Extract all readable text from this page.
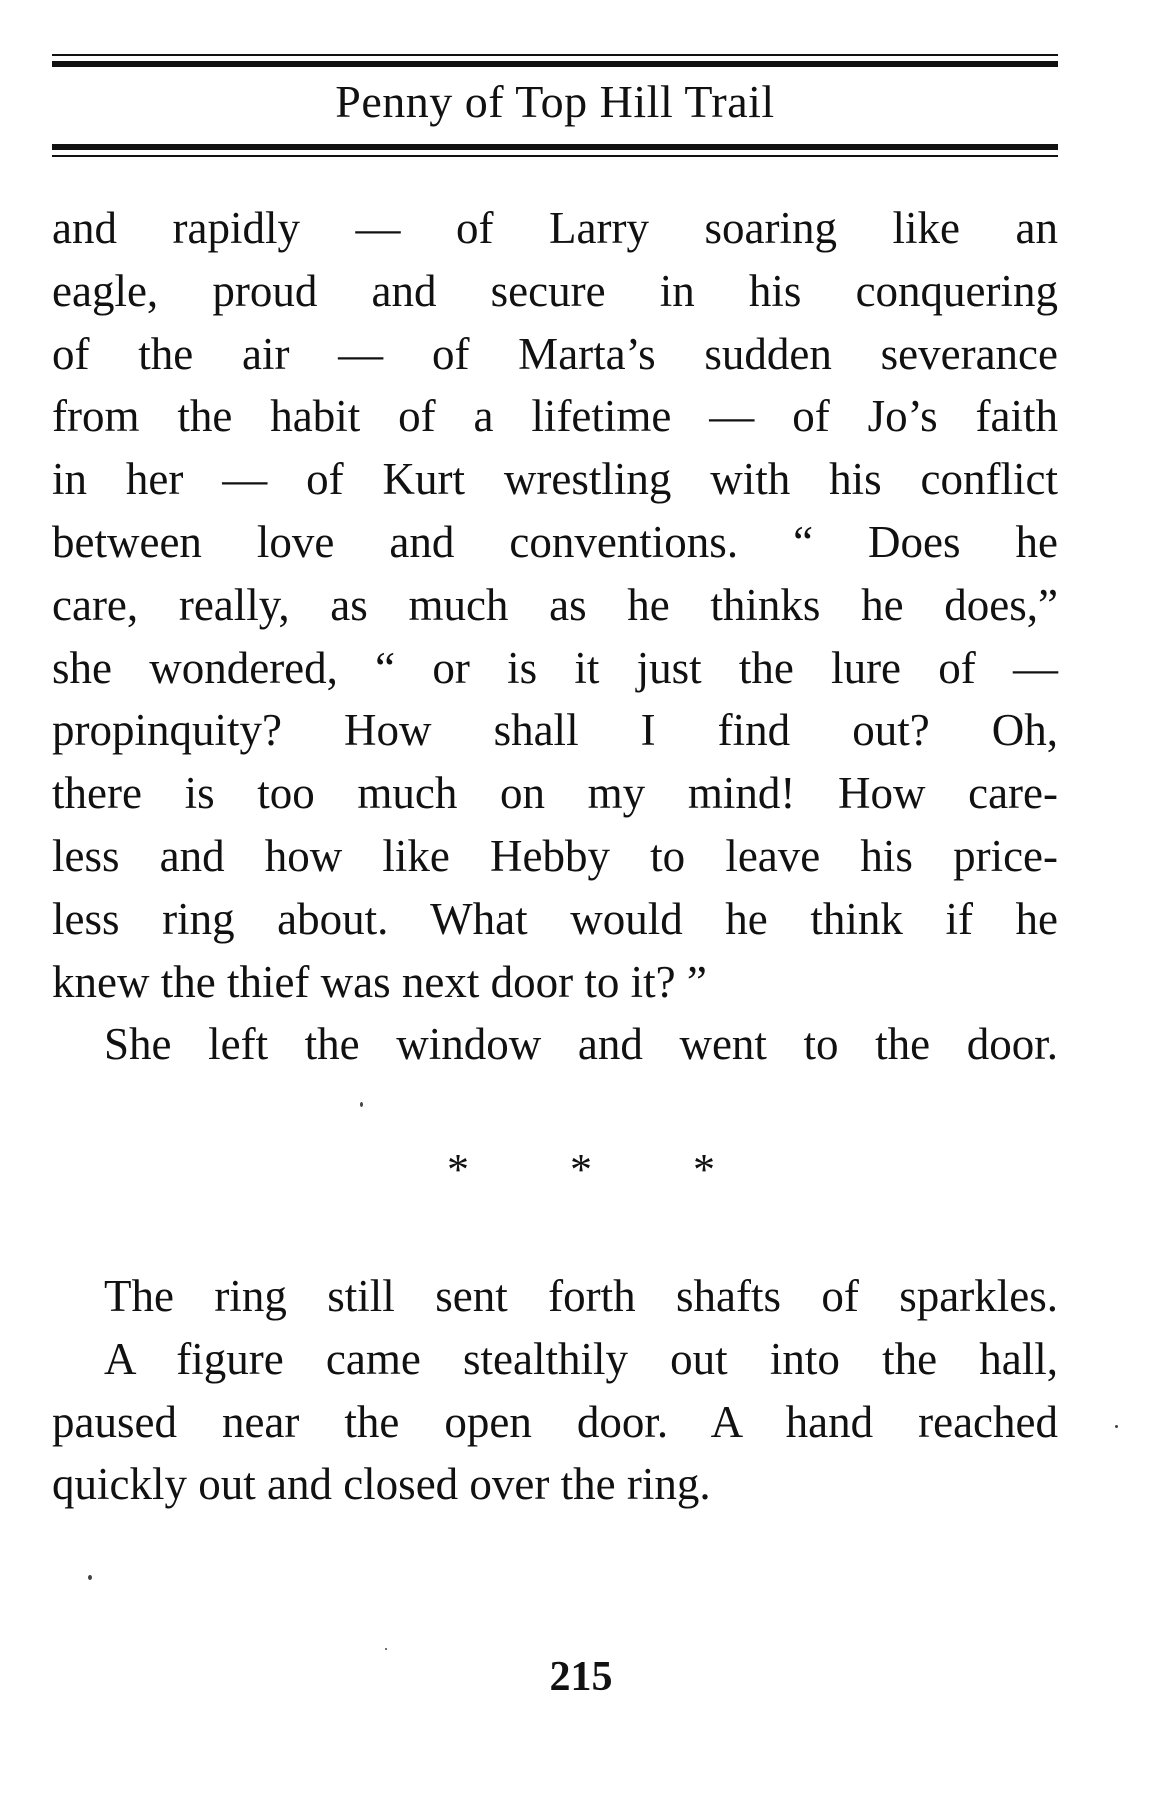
Penny of Top Hill Trail
and rapidly — of Larry soaring like an
eagle, proud and secure in his conquering
of the air — of Marta’s sudden severance
from the habit of a lifetime — of Jo’s faith
in her — of Kurt wrestling with his conflict
between love and conventions. “ Does he
care, really, as much as he thinks he does,”
she wondered, “ or is it just the lure of —
propinquity? How shall I find out? Oh,
there is too much on my mind! How care-
less and how like Hebby to leave his price-
less ring about. What would he think if he
knew the thief was next door to it? ”
She left the window and went to the door.
* * *
The ring still sent forth shafts of sparkles.
A figure came stealthily out into the hall,
paused near the open door. A hand reached
quickly out and closed over the ring.
215
